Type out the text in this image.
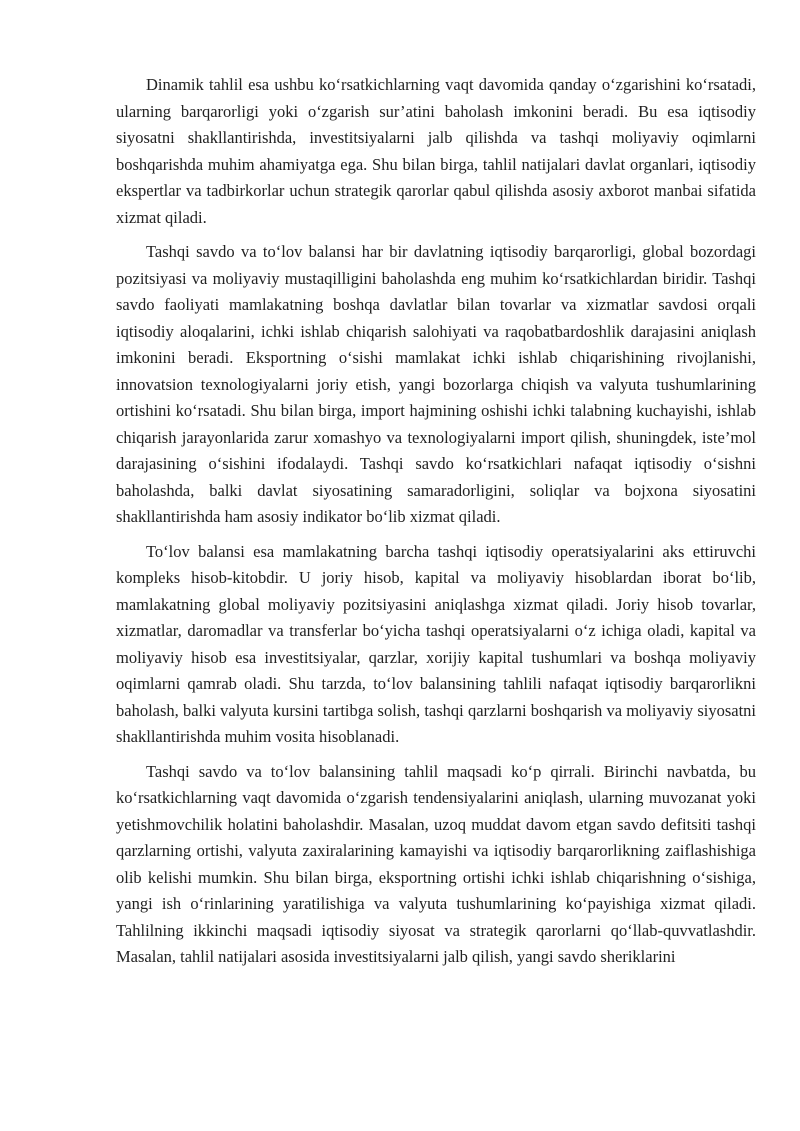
Dinamik tahlil esa ushbu ko‘rsatkichlarning vaqt davomida qanday o‘zgarishini ko‘rsatadi, ularning barqarorligi yoki o‘zgarish sur’atini baholash imkonini beradi. Bu esa iqtisodiy siyosatni shakllantirishda, investitsiyalarni jalb qilishda va tashqi moliyaviy oqimlarni boshqarishda muhim ahamiyatga ega. Shu bilan birga, tahlil natijalari davlat organlari, iqtisodiy ekspertlar va tadbirkorlar uchun strategik qarorlar qabul qilishda asosiy axborot manbai sifatida xizmat qiladi.

Tashqi savdo va to‘lov balansi har bir davlatning iqtisodiy barqarorligi, global bozordagi pozitsiyasi va moliyaviy mustaqilligini baholashda eng muhim ko‘rsatkichlardan biridir. Tashqi savdo faoliyati mamlakatning boshqa davlatlar bilan tovarlar va xizmatlar savdosi orqali iqtisodiy aloqalarini, ichki ishlab chiqarish salohiyati va raqobatbardoshlik darajasini aniqlash imkonini beradi. Eksportning o‘sishi mamlakat ichki ishlab chiqarishining rivojlanishi, innovatsion texnologiyalarni joriy etish, yangi bozorlarga chiqish va valyuta tushumlarining ortishini ko‘rsatadi. Shu bilan birga, import hajmining oshishi ichki talabning kuchayishi, ishlab chiqarish jarayonlarida zarur xomashyo va texnologiyalarni import qilish, shuningdek, iste’mol darajasining o‘sishini ifodalaydi. Tashqi savdo ko‘rsatkichlari nafaqat iqtisodiy o‘sishni baholashda, balki davlat siyosatining samaradorligini, soliqlar va bojxona siyosatini shakllantirishda ham asosiy indikator bo‘lib xizmat qiladi.

To‘lov balansi esa mamlakatning barcha tashqi iqtisodiy operatsiyalarini aks ettiruvchi kompleks hisob-kitobdir. U joriy hisob, kapital va moliyaviy hisoblardan iborat bo‘lib, mamlakatning global moliyaviy pozitsiyasini aniqlashga xizmat qiladi. Joriy hisob tovarlar, xizmatlar, daromadlar va transferlar bo‘yicha tashqi operatsiyalarni o‘z ichiga oladi, kapital va moliyaviy hisob esa investitsiyalar, qarzlar, xorijiy kapital tushumlari va boshqa moliyaviy oqimlarni qamrab oladi. Shu tarzda, to‘lov balansining tahlili nafaqat iqtisodiy barqarorlikni baholash, balki valyuta kursini tartibga solish, tashqi qarzlarni boshqarish va moliyaviy siyosatni shakllantirishda muhim vosita hisoblanadi.

Tashqi savdo va to‘lov balansining tahlil maqsadi ko‘p qirrali. Birinchi navbatda, bu ko‘rsatkichlarning vaqt davomida o‘zgarish tendensiyalarini aniqlash, ularning muvozanat yoki yetishmovchilik holatini baholashdir. Masalan, uzoq muddat davom etgan savdo defitsiti tashqi qarzlarning ortishi, valyuta zaxiralarining kamayishi va iqtisodiy barqarorlikning zaiflashishiga olib kelishi mumkin. Shu bilan birga, eksportning ortishi ichki ishlab chiqarishning o‘sishiga, yangi ish o‘rinlarining yaratilishiga va valyuta tushumlarining ko‘payishiga xizmat qiladi. Tahlilning ikkinchi maqsadi iqtisodiy siyosat va strategik qarorlarni qo‘llab-quvvatlashdir. Masalan, tahlil natijalari asosida investitsiyalarni jalb qilish, yangi savdo sheriklarini
